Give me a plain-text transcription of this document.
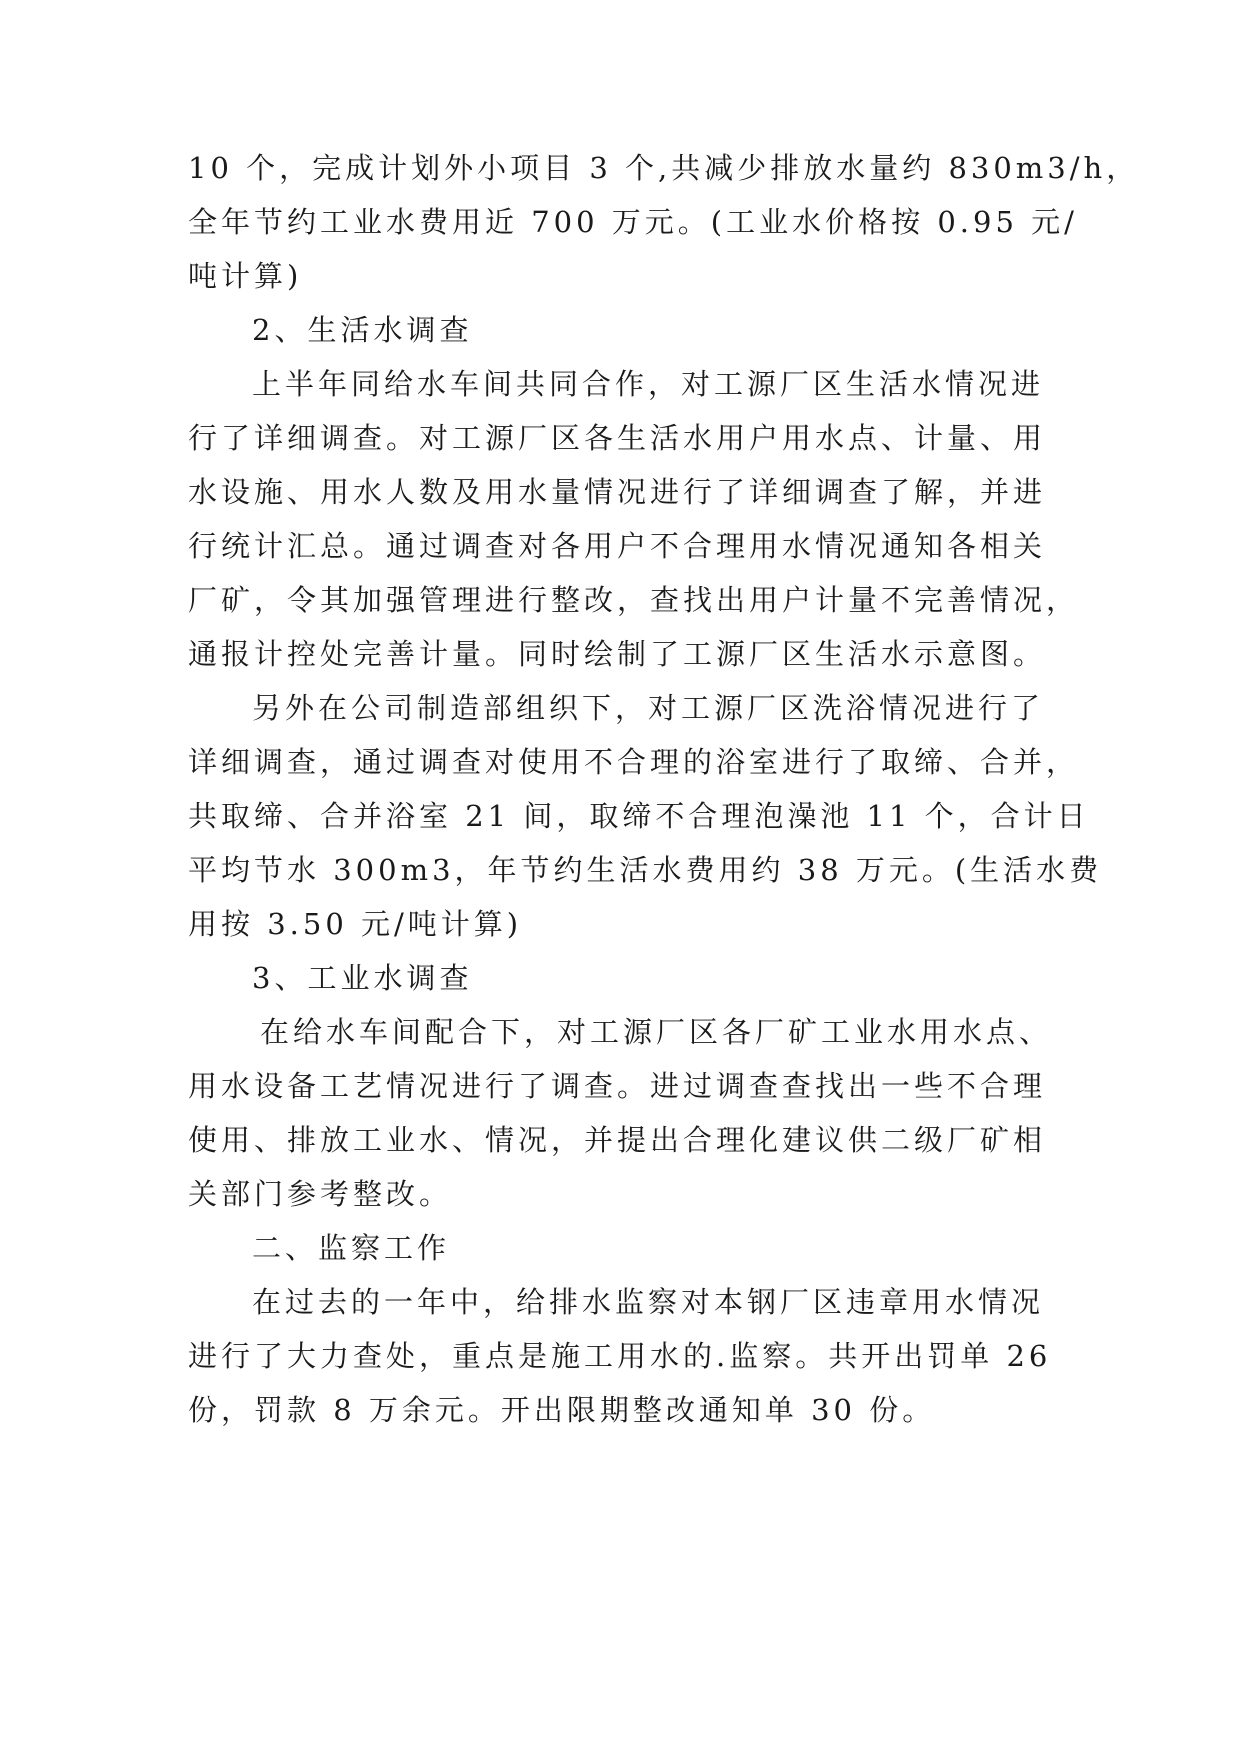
10 个，完成计划外小项目 3 个,共减少排放水量约 830m3/h，
全年节约工业水费用近 700 万元。(工业水价格按 0.95 元/
吨计算)
2、生活水调查
上半年同给水车间共同合作，对工源厂区生活水情况进
行了详细调查。对工源厂区各生活水用户用水点、计量、用
水设施、用水人数及用水量情况进行了详细调查了解，并进
行统计汇总。通过调查对各用户不合理用水情况通知各相关
厂矿，令其加强管理进行整改，查找出用户计量不完善情况，
通报计控处完善计量。同时绘制了工源厂区生活水示意图。
另外在公司制造部组织下，对工源厂区洗浴情况进行了
详细调查，通过调查对使用不合理的浴室进行了取缔、合并，
共取缔、合并浴室 21 间，取缔不合理泡澡池 11 个，合计日
平均节水 300m3，年节约生活水费用约 38 万元。(生活水费
用按 3.50 元/吨计算)
3、工业水调查
在给水车间配合下，对工源厂区各厂矿工业水用水点、
用水设备工艺情况进行了调查。进过调查查找出一些不合理
使用、排放工业水、情况，并提出合理化建议供二级厂矿相
关部门参考整改。
二、监察工作
在过去的一年中，给排水监察对本钢厂区违章用水情况
进行了大力查处，重点是施工用水的.监察。共开出罚单 26
份，罚款 8 万余元。开出限期整改通知单 30 份。
